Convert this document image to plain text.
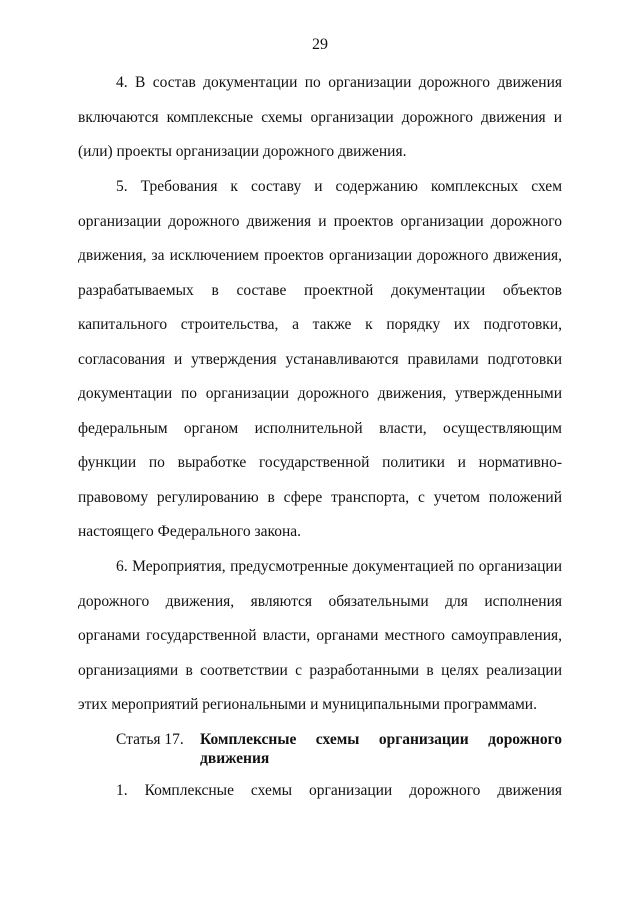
29

4. В состав документации по организации дорожного движения включаются комплексные схемы организации дорожного движения и (или) проекты организации дорожного движения.

5. Требования к составу и содержанию комплексных схем организации дорожного движения и проектов организации дорожного движения, за исключением проектов организации дорожного движения, разрабатываемых в составе проектной документации объектов капитального строительства, а также к порядку их подготовки, согласования и утверждения устанавливаются правилами подготовки документации по организации дорожного движения, утвержденными федеральным органом исполнительной власти, осуществляющим функции по выработке государственной политики и нормативно-правовому регулированию в сфере транспорта, с учетом положений настоящего Федерального закона.

6. Мероприятия, предусмотренные документацией по организации дорожного движения, являются обязательными для исполнения органами государственной власти, органами местного самоуправления, организациями в соответствии с разработанными в целях реализации этих мероприятий региональными и муниципальными программами.

Статья 17. Комплексные схемы организации дорожного движения
1. Комплексные схемы организации дорожного движения
